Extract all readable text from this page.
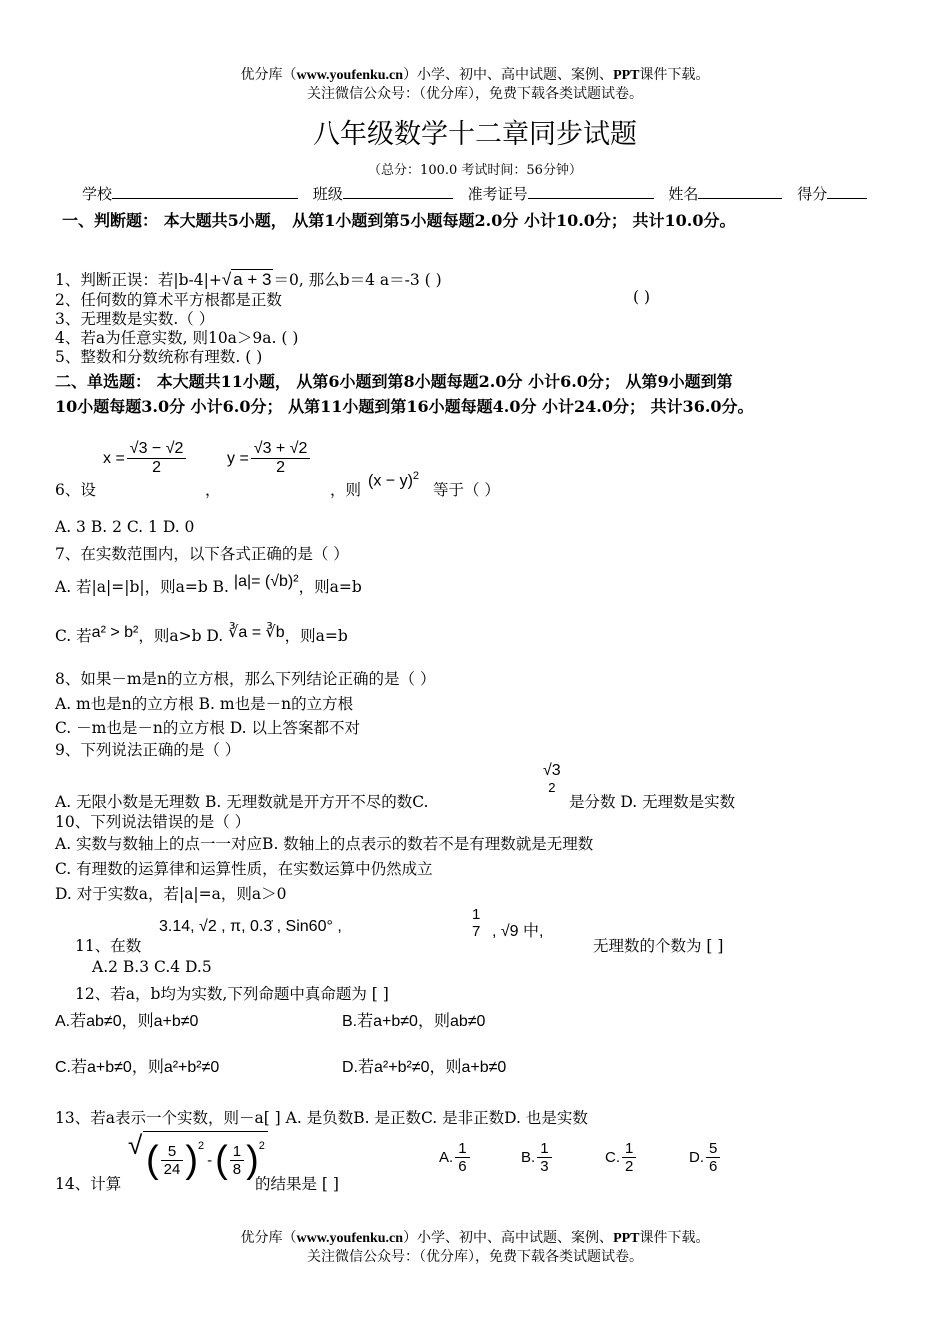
优分库（www.youfenku.cn）小学、初中、高中试题、案例、PPT课件下载。
关注微信公众号：（优分库），免费下载各类试题试卷。
八年级数学十二章同步试题
（总分：100.0 考试时间：56分钟）
学校	班级	准考证号	姓名	得分
一、判断题： 本大题共5小题， 从第1小题到第5小题每题2.0分 小计10.0分； 共计10.0分。
1、判断正误：若|b-4|+√ a + 3 ＝0, 那么b＝4 a＝-3 ( )
2、任何数的算术平方根都是正数	( )
3、无理数是实数.（ ）
4、若a为任意实数, 则10a＞9a. ( )
5、整数和分数统称有理数. ( )
二、单选题： 本大题共11小题， 从第6小题到第8小题每题2.0分 小计6.0分； 从第9小题到第
10小题每题3.0分 小计6.0分； 从第11小题到第16小题每题4.0分 小计24.0分； 共计36.0分。
6、设
$x = \frac{√3 - √2}{2}$
，
$y = \frac{√3 + √2}{2}$
，则
$(x - y)^2$
等于（ ）
A. 3 B. 2 C. 1 D. 0
7、在实数范围内，以下各式正确的是（ ）
A. 若|a|=|b|，则a=b B. |a|= (√b)²，则a=b
C. 若a² > b²，则a>b D. ∛a = ∛b，则a=b
8、如果－m是n的立方根，那么下列结论正确的是（ ）
A. m也是n的立方根 B. m也是－n的立方根
C. －m也是－n的立方根 D. 以上答案都不对
9、下列说法正确的是（ ）
A. 无限小数是无理数 B. 无理数就是开方开不尽的数C.
√3
2
是分数 D. 无理数是实数
10、下列说法错误的是（ ）
A. 实数与数轴上的点一一对应B. 数轴上的点表示的数若不是有理数就是无理数
C. 有理数的运算律和运算性质，在实数运算中仍然成立
D. 对于实数a，若|a|=a，则a＞0
11、在数
3.14, √2 , π, 0.3̇ , Sin60° ,
1
7 , √9 中,
无理数的个数为 [ ]
A.2 B.3 C.4 D.5
12、若a，b均为实数,下列命题中真命题为 [ ]
A.若ab≠0，则a+b≠0	B.若a+b≠0，则ab≠0
C.若a+b≠0，则a²+b²≠0	D.若a²+b²≠0，则a+b≠0
13、若a表示一个实数，则－a[ ] A. 是负数B. 是正数C. 是非正数D. 也是实数
14、计算
√ ( $\frac{5}{24} )^2$
- ( $\frac{1}{8} )^2$
的结果是 [ ]
A. $\frac{1}{6}$	B. $\frac{1}{3}$	C. $\frac{1}{2}$	D. $\frac{5}{6}$
优分库（www.youfenku.cn）小学、初中、高中试题、案例、PPT课件下载。
关注微信公众号：（优分库），免费下载各类试题试卷。
